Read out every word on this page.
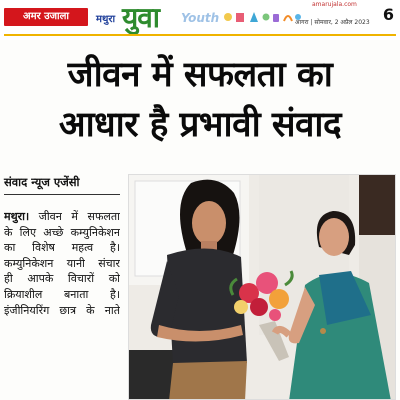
अमर उजाला	मथुरा युवा Youth
amarujala.com
आगरा | सोमवार, 2 अप्रैल 2023 6
जीवन में सफलता का
आधार है प्रभावी संवाद
संवाद न्यूज एजेंसी

मथुरा। जीवन में सफलता के लिए अच्छे कम्युनिकेशन का विशेष महत्व है। कम्युनिकेशन यानी संचार ही आपके विचारों को क्रियाशील बनाता है। इंजीनियरिंग छात्र के नाते
